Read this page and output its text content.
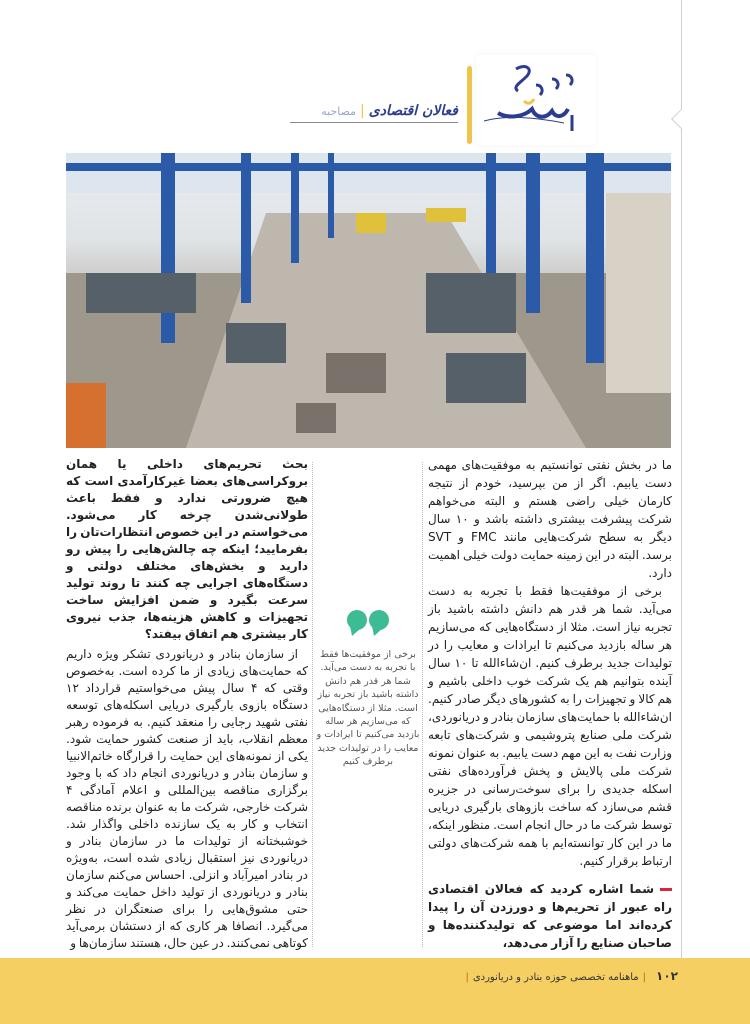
فعالان اقتصادی|مصاحبه
۱۰۲|ماهنامه تخصصی حوزه بنادر و دریانوردی|

ما در بخش نفتی توانستیم به موفقیت‌های مهمی دست یابیم. اگر از من بپرسید، خودم از نتیجه کارمان خیلی راضی هستم و البته می‌خواهم شرکت پیشرفت بیشتری داشته باشد و ۱۰ سال دیگر به سطح شرکت‌هایی مانند FMC و SVT برسد. البته در این زمینه حمایت دولت خیلی اهمیت دارد.

برخی از موفقیت‌ها فقط با تجربه به دست می‌آید. شما هر قدر هم دانش داشته باشید باز تجربه نیاز است. مثلا از دستگاه‌هایی که می‌سازیم هر ساله بازدید می‌کنیم تا ایرادات و معایب را در تولیدات جدید برطرف کنیم. ان‌شاءالله تا ۱۰ سال آینده بتوانیم هم یک شرکت خوب داخلی باشیم و هم کالا و تجهیزات را به کشورهای دیگر صادر کنیم. ان‌شاءالله با حمایت‌های سازمان بنادر و دریانوردی، شرکت ملی صنایع پتروشیمی و شرکت‌های تابعه وزارت نفت به این مهم دست یابیم. به عنوان نمونه شرکت ملی پالایش و پخش فرآورده‌های نفتی اسکله جدیدی را برای سوخت‌رسانی در جزیره قشم می‌سازد که ساخت بازوهای بارگیری دریایی توسط شرکت ما در حال انجام است. منظور اینکه، ما در این کار توانسته‌ایم با همه شرکت‌های دولتی ارتباط برقرار کنیم.

شما اشاره کردید که فعالان اقتصادی راه عبور از تحریم‌ها و دورزدن آن را پیدا کرده‌اند اما موضوعی که تولیدکننده‌ها و صاحبان صنایع را آزار می‌دهد،

برخی از موفقیت‌ها فقط با تجربه به دست می‌آید. شما هر قدر هم دانش داشته باشید باز تجربه نیاز است. مثلا از دستگاه‌هایی که می‌سازیم هر ساله بازدید می‌کنیم تا ایرادات و معایب را در تولیدات جدید برطرف کنیم

بحث تحریم‌های داخلی یا همان بروکراسی‌های بعضا غیرکارآمدی است که هیچ ضرورتی ندارد و فقط باعث طولانی‌شدن چرخه کار می‌شود. می‌خواستم در این خصوص انتظارات‌تان را بفرمایید؛ اینکه چه چالش‌هایی را پیش رو دارید و بخش‌های مختلف دولتی و دستگاه‌های اجرایی چه کنند تا روند تولید سرعت بگیرد و ضمن افزایش ساخت تجهیزات و کاهش هزینه‌ها، جذب نیروی کار بیشتری هم اتفاق بیفتد؟

از سازمان بنادر و دریانوردی تشکر ویژه داریم که حمایت‌های زیادی از ما کرده است. به‌خصوص وقتی که ۴ سال پیش می‌خواستیم قرارداد ۱۲ دستگاه بازوی بارگیری دریایی اسکله‌های توسعه نفتی شهید رجایی را منعقد کنیم. به فرموده رهبر معظم انقلاب، باید از صنعت کشور حمایت شود. یکی از نمونه‌های این حمایت را قرارگاه خاتم‌الانبیا و سازمان بنادر و دریانوردی انجام داد که با وجود برگزاری مناقصه بین‌المللی و اعلام آمادگی ۴ شرکت خارجی، شرکت ما به عنوان برنده مناقصه انتخاب و کار به یک سازنده داخلی واگذار شد. خوشبختانه از تولیدات ما در سازمان بنادر و دریانوردی نیز استقبال زیادی شده است، به‌ویژه در بنادر امیرآباد و انزلی. احساس می‌کنم سازمان بنادر و دریانوردی از تولید داخل حمایت می‌کند و حتی مشوق‌هایی را برای صنعتگران در نظر می‌گیرد. انصافا هر کاری که از دستشان برمی‌آید کوتاهی نمی‌کنند. در عین حال، هستند سازمان‌ها و
